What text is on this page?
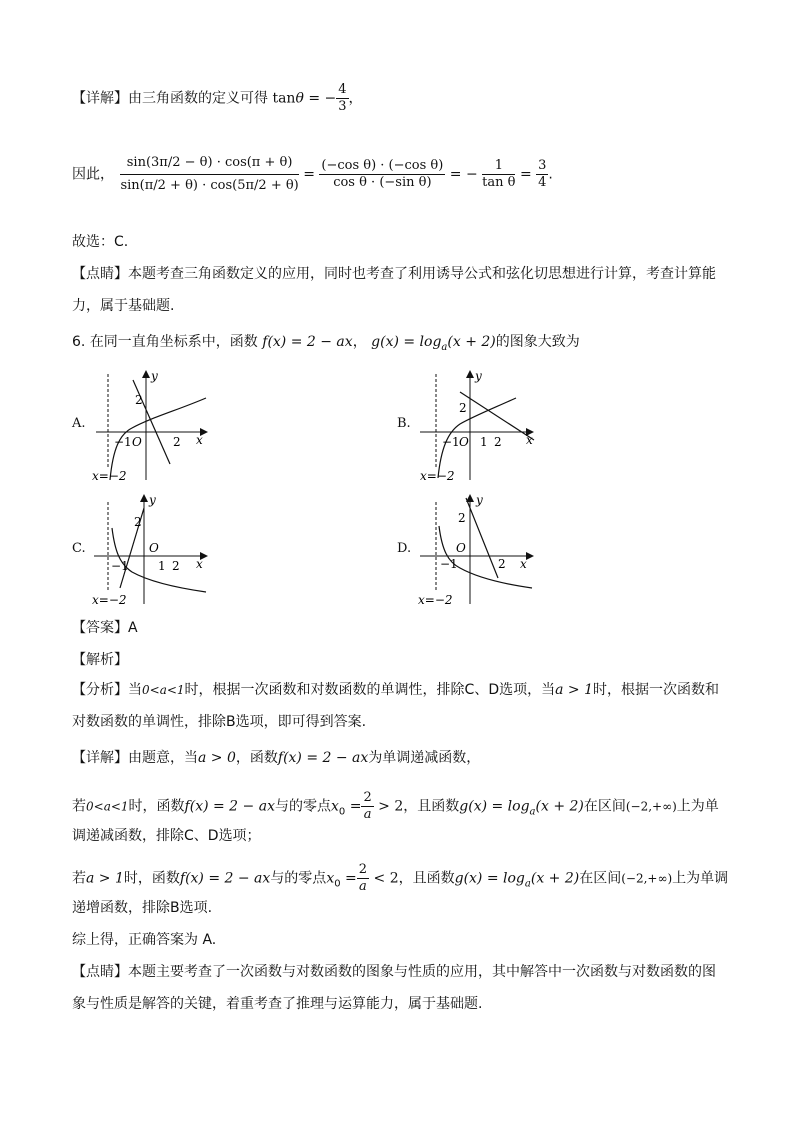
【详解】由三角函数的定义可得 tanθ = − $\frac{4}{3}$ ，
因此， $\frac{\sin(3\pi/2 - \theta) \cdot \cos(\pi + \theta)}{\sin(\pi/2 + \theta) \cdot \cos(5\pi/2 + \theta)} = \frac{\text{(−cos θ) · (−cos θ)}}{\text{cos θ · (−sin θ)}}$ = − $\frac{1}{\text{tan θ}} = \frac{3}{4}$ .
故选：C.
【点睛】本题考查三角函数定义的应用，同时也考查了利用诱导公式和弦化切思想进行计算，考查计算能
力，属于基础题.
6. 在同一直角坐标系中，函数 f(x) = 2 − ax， $g(x) = \log_a(x + 2)$的图象大致为
A.	B.
C.	D.
y
x
2
O
−1	2
x=−2
y
x
2
−1 O 1 2
x=−2
y
x
2
O
−1 1 2
x=−2
y
x
2
O
−1	2
x=−2
【答案】A
【解析】
【分析】当0<a<1时，根据一次函数和对数函数的单调性，排除C、D选项，当a > 1时，根据一次函数和
对数函数的单调性，排除B选项，即可得到答案.
【详解】由题意，当a > 0，函数f(x) = 2 − ax为单调递减函数，
若0<a<1时，函数f(x) = 2 − ax与的零点$x_0 = \frac{2}{a} > 2$，且函数$g(x) = \log_a(x + 2)$在区间(−2,+∞)上为单
调递减函数，排除C、D选项；
若a > 1时，函数f(x) = 2 − ax与的零点$x_0 = \frac{2}{a} < 2$，且函数$g(x) = \log_a(x + 2)$在区间(−2,+∞)上为单调
递增函数，排除B选项.
综上得，正确答案为 A.
【点睛】本题主要考查了一次函数与对数函数的图象与性质的应用，其中解答中一次函数与对数函数的图
象与性质是解答的关键，着重考查了推理与运算能力，属于基础题.
